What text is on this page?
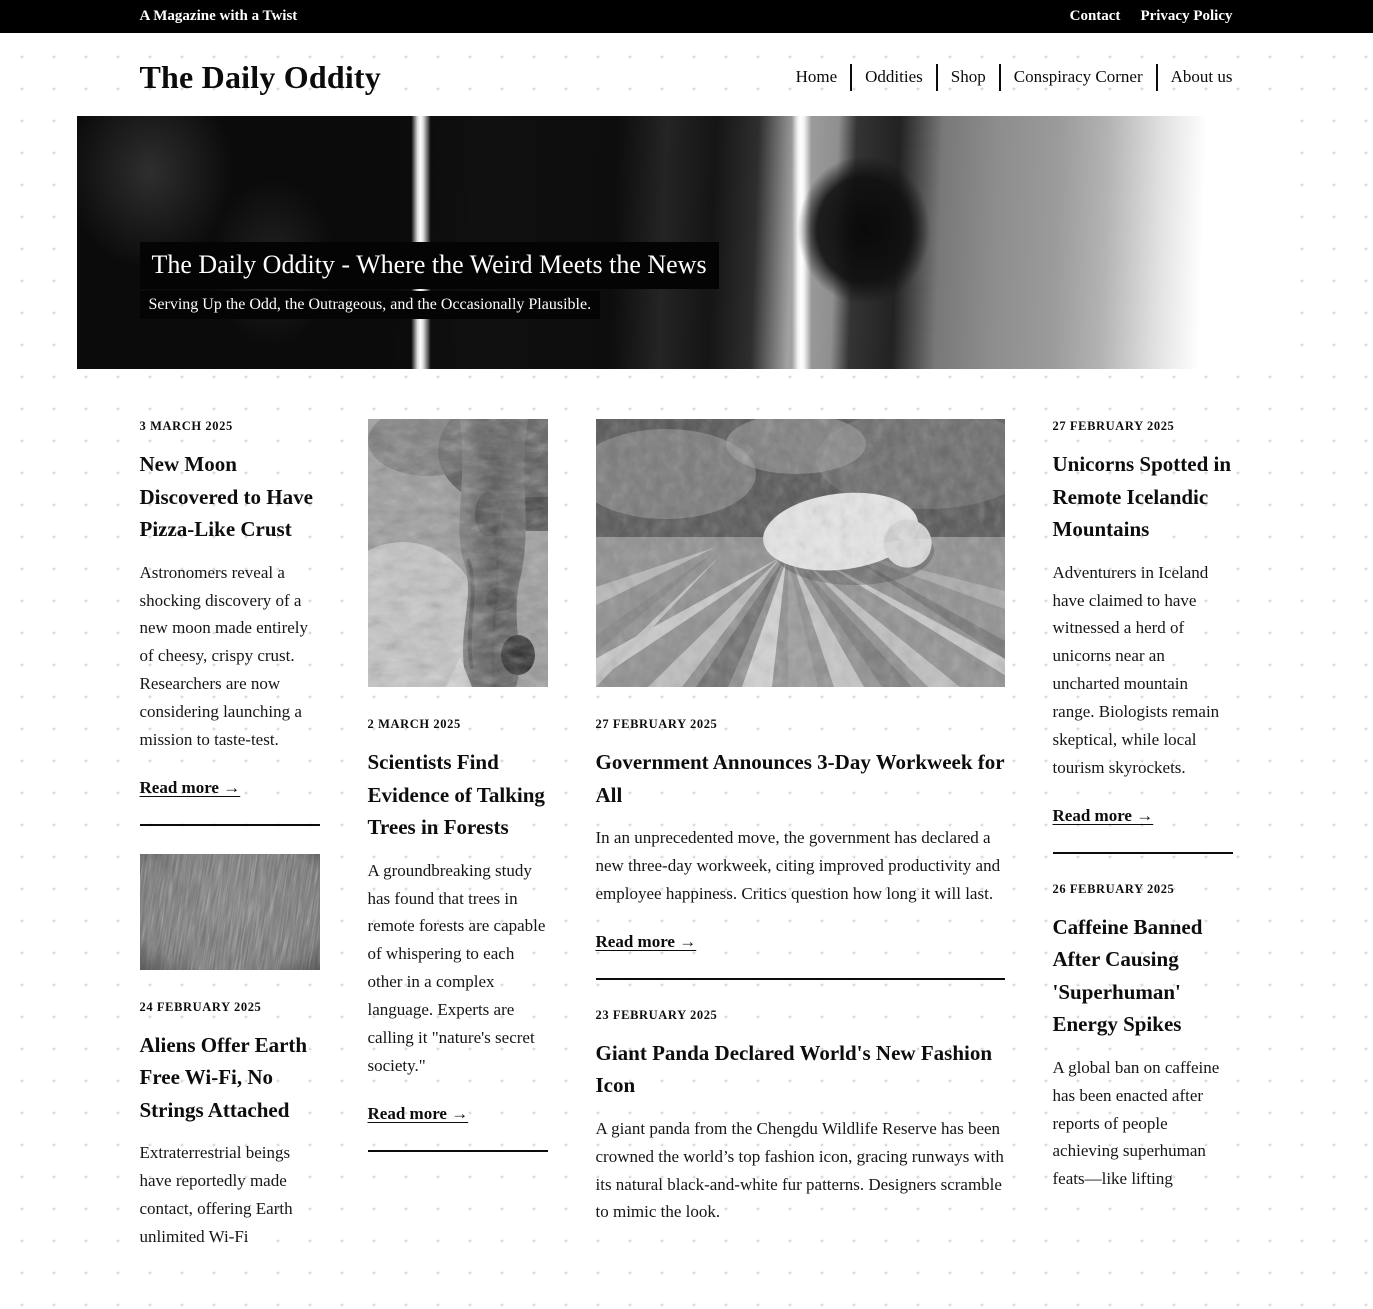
A Magazine with a Twist	Contact Privacy Policy
The Daily Oddity	Home	Oddities	Shop	Conspiracy Corner	About us
The Daily Oddity - Where the Weird Meets the News
Serving Up the Odd, the Outrageous, and the Occasionally Plausible.

3 MARCH 2025

New Moon Discovered to Have Pizza-Like Crust

Astronomers reveal a shocking discovery of a new moon made entirely of cheesy, crispy crust. Researchers are now considering launching a mission to taste-test.

Read more →

24 FEBRUARY 2025

Aliens Offer Earth Free Wi-Fi, No Strings Attached

Extraterrestrial beings have reportedly made contact, offering Earth unlimited Wi-Fi

2 MARCH 2025

Scientists Find Evidence of Talking Trees in Forests

A groundbreaking study has found that trees in remote forests are capable of whispering to each other in a complex language. Experts are calling it "nature's secret society."

Read more →

27 FEBRUARY 2025

Government Announces 3-Day Workweek for All

In an unprecedented move, the government has declared a new three-day workweek, citing improved productivity and employee happiness. Critics question how long it will last.

Read more →

23 FEBRUARY 2025

Giant Panda Declared World's New Fashion Icon

A giant panda from the Chengdu Wildlife Reserve has been crowned the world’s top fashion icon, gracing runways with its natural black-and-white fur patterns. Designers scramble to mimic the look.

27 FEBRUARY 2025

Unicorns Spotted in Remote Icelandic Mountains

Adventurers in Iceland have claimed to have witnessed a herd of unicorns near an uncharted mountain range. Biologists remain skeptical, while local tourism skyrockets.

Read more →

26 FEBRUARY 2025

Caffeine Banned After Causing 'Superhuman' Energy Spikes

A global ban on caffeine has been enacted after reports of people achieving superhuman feats—like lifting
